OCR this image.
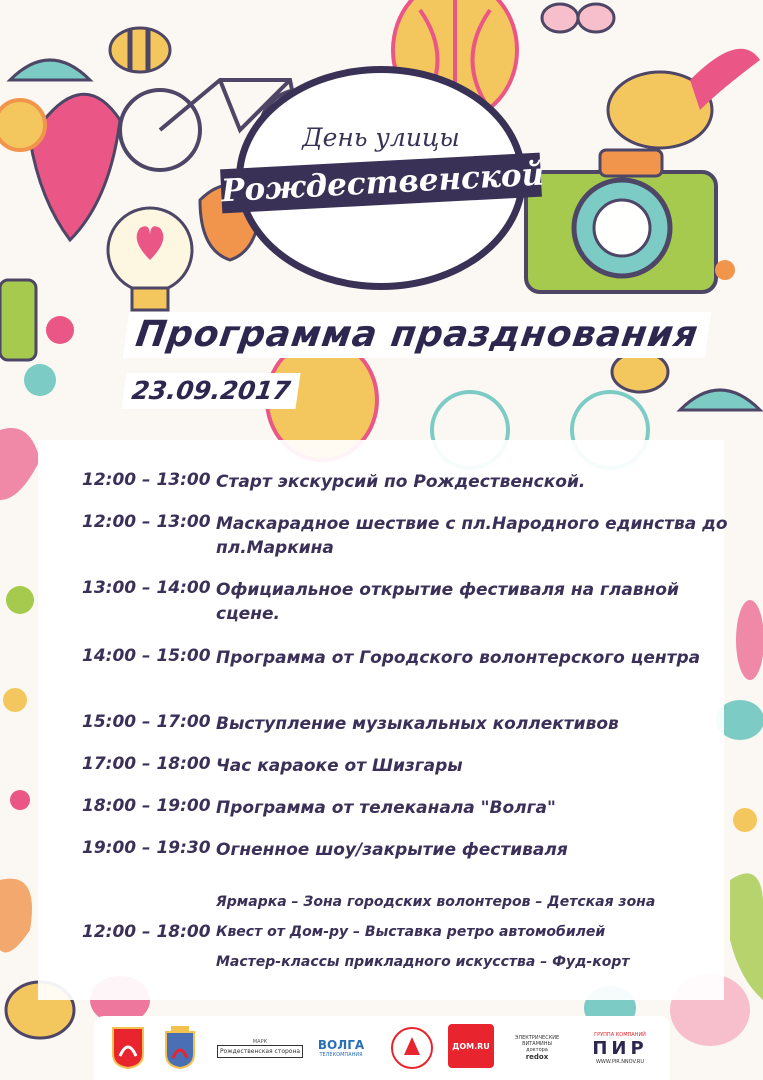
День улицы
Рождественской
Программа празднования
23.09.2017
12:00 – 13:00 Старт экскурсий по Рождественской.
12:00 – 13:00 Маскарадное шествие с пл.Народного единства до пл.Маркина
13:00 – 14:00 Официальное открытие фестиваля на главной сцене.
14:00 – 15:00 Программа от Городского волонтерского центра
15:00 – 17:00 Выступление музыкальных коллективов
17:00 – 18:00 Час караоке от Шизгары
18:00 – 19:00 Программа от телеканала "Волга"
19:00 – 19:30 Огненное шоу/закрытие фестиваля
Ярмарка – Зона городских волонтеров – Детская зона
12:00 – 18:00 Квест от Дом-ру – Выставка ретро автомобилей
Мастер-классы прикладного искусства – Фуд-корт
МАРК
Рождественская сторона ВОЛГА
ТЕЛЕКОМПАНИЯ
ДОМ.RU
ЭЛЕКТРИЧЕСКИЕ
ВИТАМИНЫ
доктора
redox
ГРУППА КОМПАНИЙ
ПИР
WWW.PIR.NNOV.RU
